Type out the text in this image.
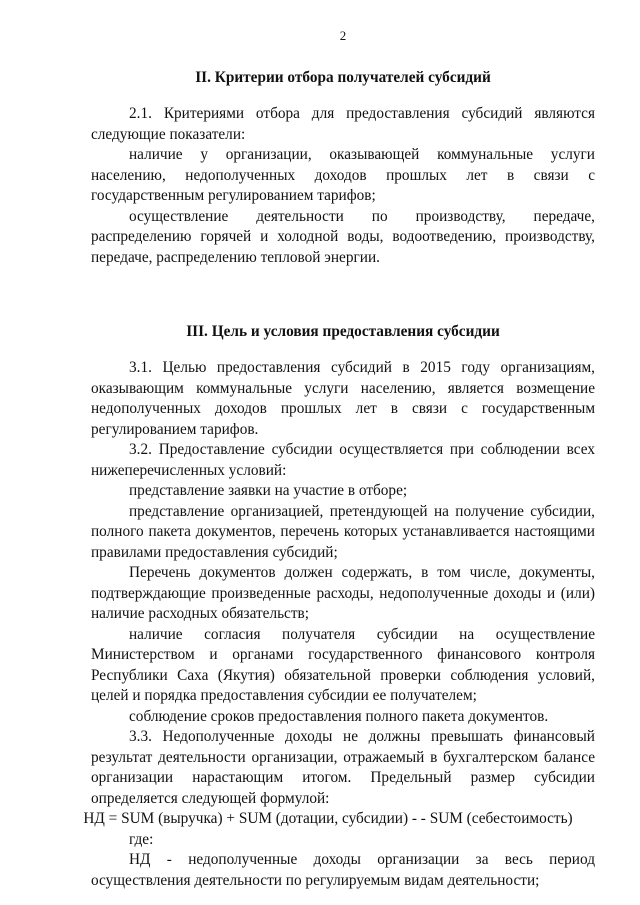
2
II. Критерии отбора получателей субсидий

2.1. Критериями отбора для предоставления субсидий являются следующие показатели:

наличие у организации, оказывающей коммунальные услуги населению, недополученных доходов прошлых лет в связи с государственным регулированием тарифов;

осуществление деятельности по производству, передаче, распределению горячей и холодной воды, водоотведению, производству, передаче, распределению тепловой энергии.

III. Цель и условия предоставления субсидии

3.1. Целью предоставления субсидий в 2015 году организациям, оказывающим коммунальные услуги населению, является возмещение недополученных доходов прошлых лет в связи с государственным регулированием тарифов.

3.2. Предоставление субсидии осуществляется при соблюдении всех нижеперечисленных условий:

представление заявки на участие в отборе;

представление организацией, претендующей на получение субсидии, полного пакета документов, перечень которых устанавливается настоящими правилами предоставления субсидий;

Перечень документов должен содержать, в том числе, документы, подтверждающие произведенные расходы, недополученные доходы и (или) наличие расходных обязательств;

наличие согласия получателя субсидии на осуществление Министерством и органами государственного финансового контроля Республики Саха (Якутия) обязательной проверки соблюдения условий, целей и порядка предоставления субсидии ее получателем;

соблюдение сроков предоставления полного пакета документов.

3.3. Недополученные доходы не должны превышать финансовый результат деятельности организации, отражаемый в бухгалтерском балансе организации нарастающим итогом. Предельный размер субсидии определяется следующей формулой:

НД = SUM (выручка) + SUM (дотации, субсидии) - - SUM (себестоимость)

где:

НД - недополученные доходы организации за весь период осуществления деятельности по регулируемым видам деятельности;
